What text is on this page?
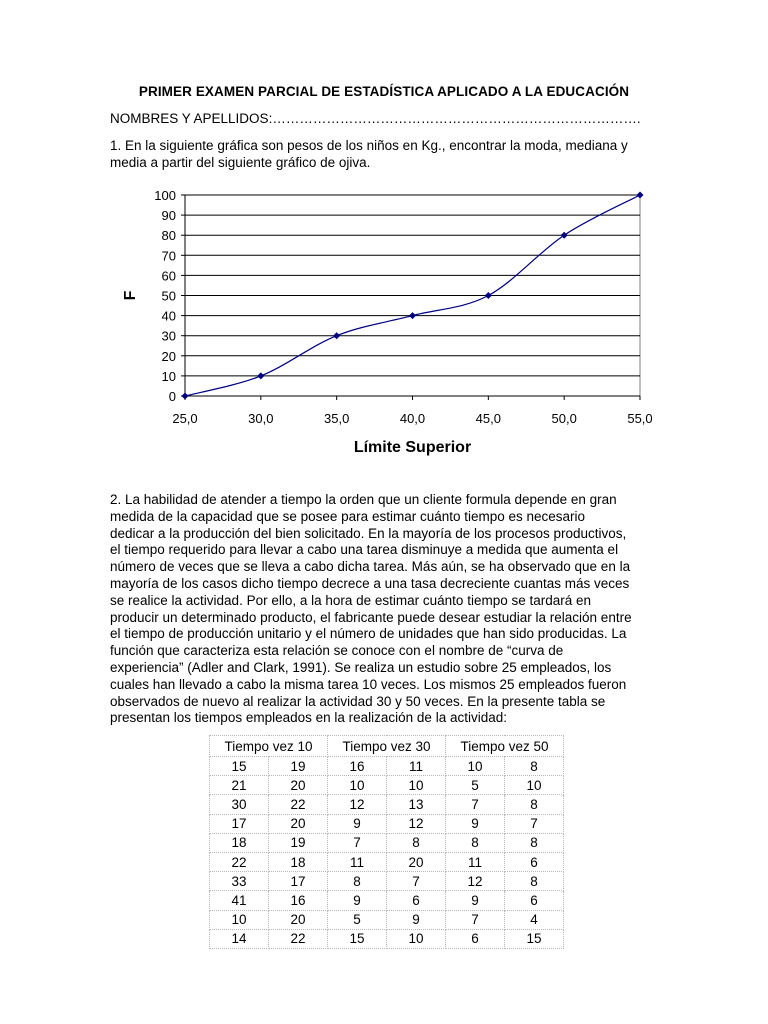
PRIMER EXAMEN PARCIAL DE ESTADÍSTICA APLICADO A LA EDUCACIÓN
NOMBRES Y APELLIDOS:……………………………………………………………………….
1. En la siguiente gráfica son pesos de los niños en Kg., encontrar la moda, mediana y
media a partir del siguiente gráfico de ojiva.
0
10
20
30
40
50
60
70
80
90
100
25,0	30,0	35,0	40,0	45,0	50,0	55,0
Límite Superior
F
2. La habilidad de atender a tiempo la orden que un cliente formula depende en gran
medida de la capacidad que se posee para estimar cuánto tiempo es necesario
dedicar a la producción del bien solicitado. En la mayoría de los procesos productivos,
el tiempo requerido para llevar a cabo una tarea disminuye a medida que aumenta el
número de veces que se lleva a cabo dicha tarea. Más aún, se ha observado que en la
mayoría de los casos dicho tiempo decrece a una tasa decreciente cuantas más veces
se realice la actividad. Por ello, a la hora de estimar cuánto tiempo se tardará en
producir un determinado producto, el fabricante puede desear estudiar la relación entre
el tiempo de producción unitario y el número de unidades que han sido producidas. La
función que caracteriza esta relación se conoce con el nombre de “curva de
experiencia” (Adler and Clark, 1991). Se realiza un estudio sobre 25 empleados, los
cuales han llevado a cabo la misma tarea 10 veces. Los mismos 25 empleados fueron
observados de nuevo al realizar la actividad 30 y 50 veces. En la presente tabla se
presentan los tiempos empleados en la realización de la actividad:
Tiempo vez 10		Tiempo vez 30		Tiempo vez 50	
15	19	16	11	10	8
21	20	10	10	5	10
30	22	12	13	7	8
17	20	9	12	9	7
18	19	7	8	8	8
22	18	11	20	11	6
33	17	8	7	12	8
41	16	9	6	9	6
10	20	5	9	7	4
14	22	15	10	6	15
